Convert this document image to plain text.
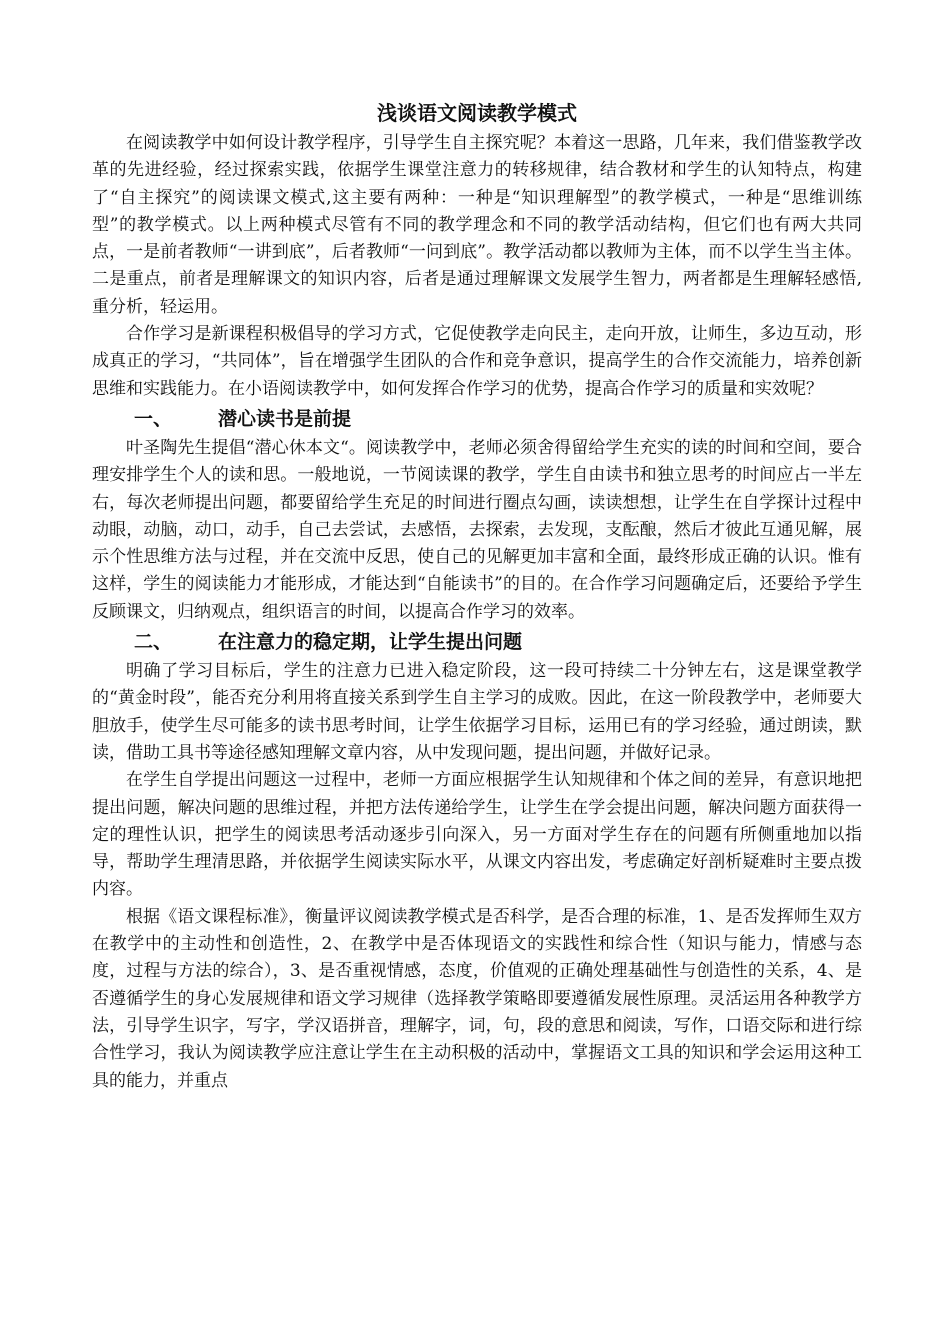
浅谈语文阅读教学模式

在阅读教学中如何设计教学程序，引导学生自主探究呢？本着这一思路，几年来，我们借鉴教学改革的先进经验，经过探索实践，依据学生课堂注意力的转移规律，结合教材和学生的认知特点，构建了“自主探究”的阅读课文模式,这主要有两种：一种是“知识理解型”的教学模式，一种是“思维训练型”的教学模式。以上两种模式尽管有不同的教学理念和不同的教学活动结构，但它们也有两大共同点，一是前者教师“一讲到底”，后者教师“一问到底”。教学活动都以教师为主体，而不以学生当主体。二是重点，前者是理解课文的知识内容，后者是通过理解课文发展学生智力，两者都是生理解轻感悟,重分析，轻运用。

合作学习是新课程积极倡导的学习方式，它促使教学走向民主，走向开放，让师生，多边互动，形成真正的学习，“共同体”，旨在增强学生团队的合作和竞争意识，提高学生的合作交流能力，培养创新思维和实践能力。在小语阅读教学中，如何发挥合作学习的优势，提高合作学习的质量和实效呢？

一、 潜心读书是前提

叶圣陶先生提倡“潜心休本文“。阅读教学中，老师必须舍得留给学生充实的读的时间和空间，要合理安排学生个人的读和思。一般地说，一节阅读课的教学，学生自由读书和独立思考的时间应占一半左右，每次老师提出问题，都要留给学生充足的时间进行圈点勾画，读读想想，让学生在自学探计过程中动眼，动脑，动口，动手，自己去尝试，去感悟，去探索，去发现，支酝酿，然后才彼此互通见解，展示个性思维方法与过程，并在交流中反思，使自己的见解更加丰富和全面，最终形成正确的认识。惟有这样，学生的阅读能力才能形成，才能达到“自能读书”的目的。在合作学习问题确定后，还要给予学生反顾课文，归纳观点，组织语言的时间，以提高合作学习的效率。

二、 在注意力的稳定期，让学生提出问题

明确了学习目标后，学生的注意力已进入稳定阶段，这一段可持续二十分钟左右，这是课堂教学的“黄金时段”，能否充分利用将直接关系到学生自主学习的成败。因此，在这一阶段教学中，老师要大胆放手，使学生尽可能多的读书思考时间，让学生依据学习目标，运用已有的学习经验，通过朗读，默读，借助工具书等途径感知理解文章内容，从中发现问题，提出问题，并做好记录。

在学生自学提出问题这一过程中，老师一方面应根据学生认知规律和个体之间的差异，有意识地把提出问题，解决问题的思维过程，并把方法传递给学生，让学生在学会提出问题，解决问题方面获得一定的理性认识，把学生的阅读思考活动逐步引向深入，另一方面对学生存在的问题有所侧重地加以指导，帮助学生理清思路，并依据学生阅读实际水平，从课文内容出发，考虑确定好剖析疑难时主要点拨内容。

根据《语文课程标准》，衡量评议阅读教学模式是否科学，是否合理的标准，1、是否发挥师生双方在教学中的主动性和创造性，2、在教学中是否体现语文的实践性和综合性（知识与能力，情感与态度，过程与方法的综合），3、是否重视情感，态度，价值观的正确处理基础性与创造性的关系，4、是否遵循学生的身心发展规律和语文学习规律（选择教学策略即要遵循发展性原理。灵活运用各种教学方法，引导学生识字，写字，学汉语拼音，理解字，词，句，段的意思和阅读，写作，口语交际和进行综合性学习，我认为阅读教学应注意让学生在主动积极的活动中，掌握语文工具的知识和学会运用这种工具的能力，并重点
